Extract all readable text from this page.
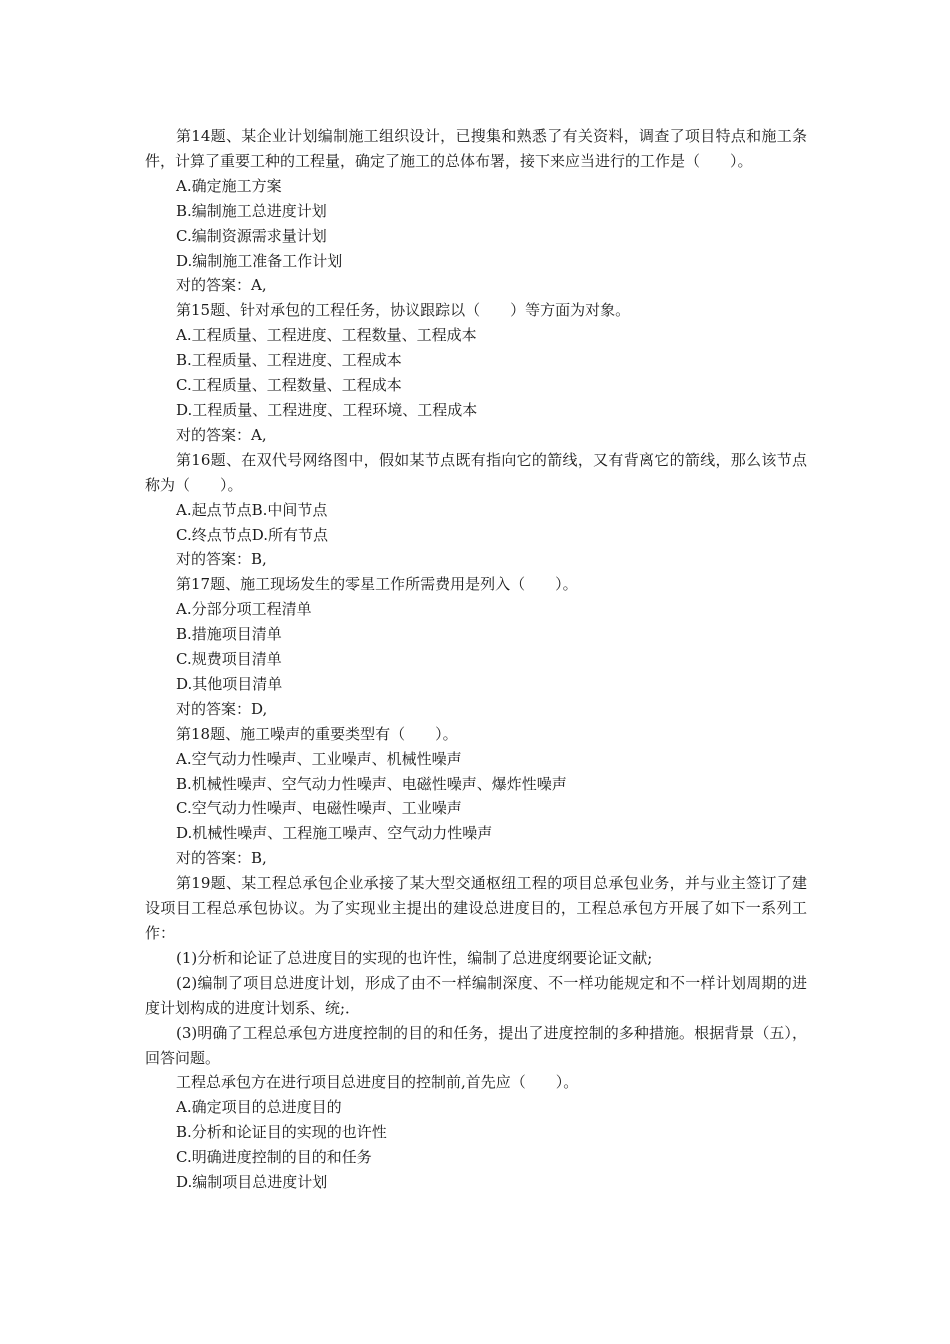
第14题、某企业计划编制施工组织设计，已搜集和熟悉了有关资料，调查了项目特点和施工条件，计算了重要工种的工程量，确定了施工的总体布署，接下来应当进行的工作是（　　）。

A.确定施工方案

B.编制施工总进度计划

C.编制资源需求量计划

D.编制施工准备工作计划

对的答案：A,

第15题、针对承包的工程任务，协议跟踪以（　　）等方面为对象。

A.工程质量、工程进度、工程数量、工程成本

B.工程质量、工程进度、工程成本

C.工程质量、工程数量、工程成本

D.工程质量、工程进度、工程环境、工程成本

对的答案：A,

第16题、在双代号网络图中，假如某节点既有指向它的箭线，又有背离它的箭线，那么该节点称为（　　）。

A.起点节点B.中间节点

C.终点节点D.所有节点

对的答案：B,

第17题、施工现场发生的零星工作所需费用是列入（　　）。

A.分部分项工程清单

B.措施项目清单

C.规费项目清单

D.其他项目清单

对的答案：D,

第18题、施工噪声的重要类型有（　　）。

A.空气动力性噪声、工业噪声、机械性噪声

B.机械性噪声、空气动力性噪声、电磁性噪声、爆炸性噪声

C.空气动力性噪声、电磁性噪声、工业噪声

D.机械性噪声、工程施工噪声、空气动力性噪声

对的答案：B,

第19题、某工程总承包企业承接了某大型交通枢纽工程的项目总承包业务，并与业主签订了建设项目工程总承包协议。为了实现业主提出的建设总进度目的，工程总承包方开展了如下一系列工作：

(1)分析和论证了总进度目的实现的也许性，编制了总进度纲要论证文献;

(2)编制了项目总进度计划，形成了由不一样编制深度、不一样功能规定和不一样计划周期的进度计划构成的进度计划系、统;．

(3)明确了工程总承包方进度控制的目的和任务，提出了进度控制的多种措施。根据背景（五），回答问题。

工程总承包方在进行项目总进度目的控制前,首先应（　　）。

A.确定项目的总进度目的

B.分析和论证目的实现的也许性

C.明确进度控制的目的和任务

D.编制项目总进度计划
